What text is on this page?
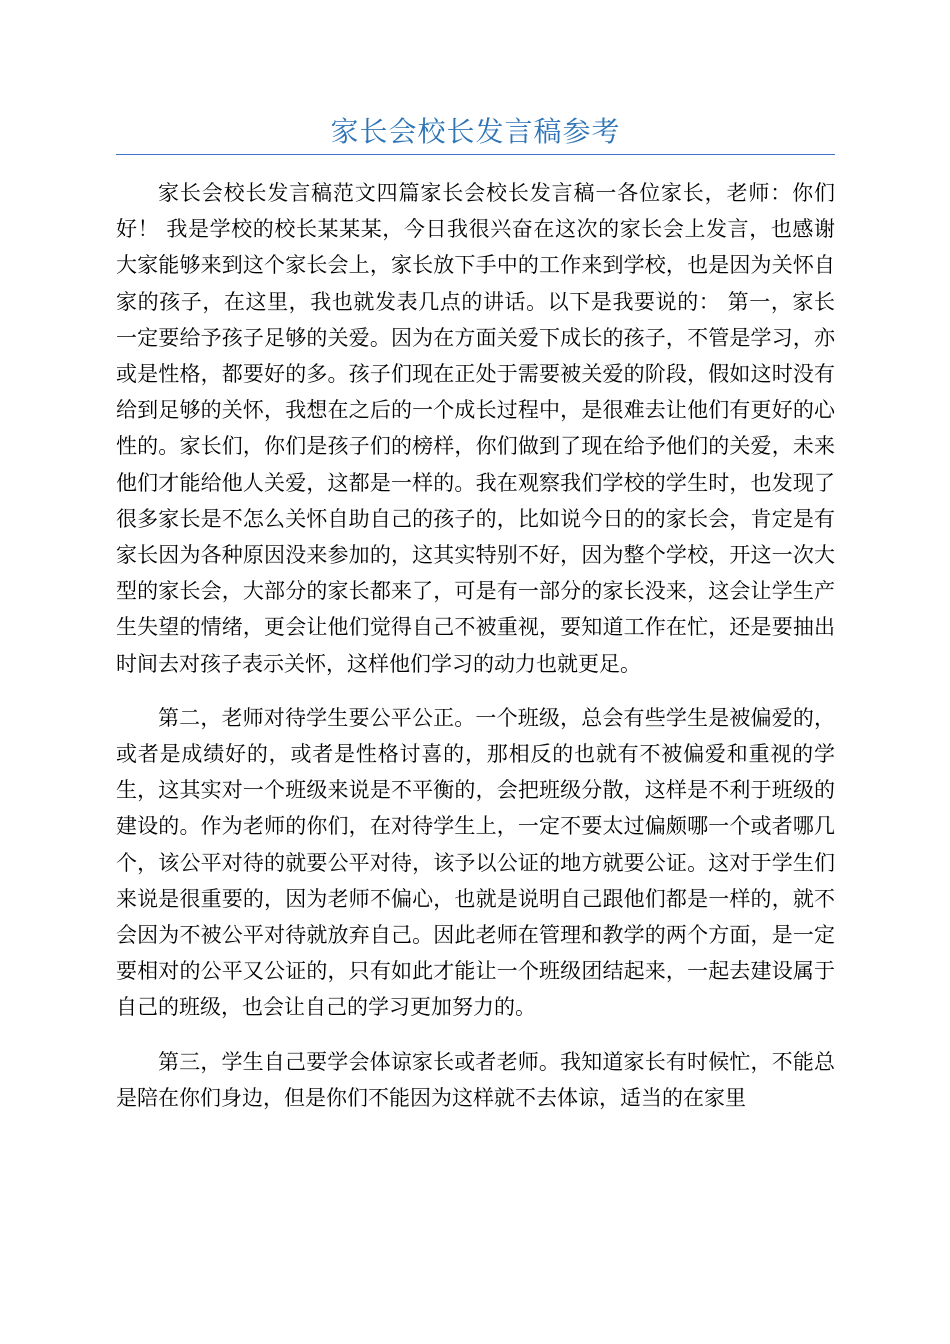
家长会校长发言稿参考

家长会校长发言稿范文四篇家长会校长发言稿一各位家长，老师：你们好！ 我是学校的校长某某某，今日我很兴奋在这次的家长会上发言，也感谢大家能够来到这个家长会上，家长放下手中的工作来到学校，也是因为关怀自家的孩子，在这里，我也就发表几点的讲话。以下是我要说的： 第一，家长一定要给予孩子足够的关爱。因为在方面关爱下成长的孩子，不管是学习，亦或是性格，都要好的多。孩子们现在正处于需要被关爱的阶段，假如这时没有给到足够的关怀，我想在之后的一个成长过程中，是很难去让他们有更好的心性的。家长们，你们是孩子们的榜样，你们做到了现在给予他们的关爱，未来他们才能给他人关爱，这都是一样的。我在观察我们学校的学生时，也发现了很多家长是不怎么关怀自助自己的孩子的，比如说今日的的家长会，肯定是有家长因为各种原因没来参加的，这其实特别不好，因为整个学校，开这一次大型的家长会，大部分的家长都来了，可是有一部分的家长没来，这会让学生产生失望的情绪，更会让他们觉得自己不被重视，要知道工作在忙，还是要抽出时间去对孩子表示关怀，这样他们学习的动力也就更足。

第二，老师对待学生要公平公正。一个班级，总会有些学生是被偏爱的，或者是成绩好的，或者是性格讨喜的，那相反的也就有不被偏爱和重视的学生，这其实对一个班级来说是不平衡的，会把班级分散，这样是不利于班级的建设的。作为老师的你们，在对待学生上，一定不要太过偏颇哪一个或者哪几个，该公平对待的就要公平对待，该予以公证的地方就要公证。这对于学生们来说是很重要的，因为老师不偏心，也就是说明自己跟他们都是一样的，就不会因为不被公平对待就放弃自己。因此老师在管理和教学的两个方面，是一定要相对的公平又公证的，只有如此才能让一个班级团结起来，一起去建设属于自己的班级，也会让自己的学习更加努力的。

第三，学生自己要学会体谅家长或者老师。我知道家长有时候忙，不能总是陪在你们身边，但是你们不能因为这样就不去体谅，适当的在家里
